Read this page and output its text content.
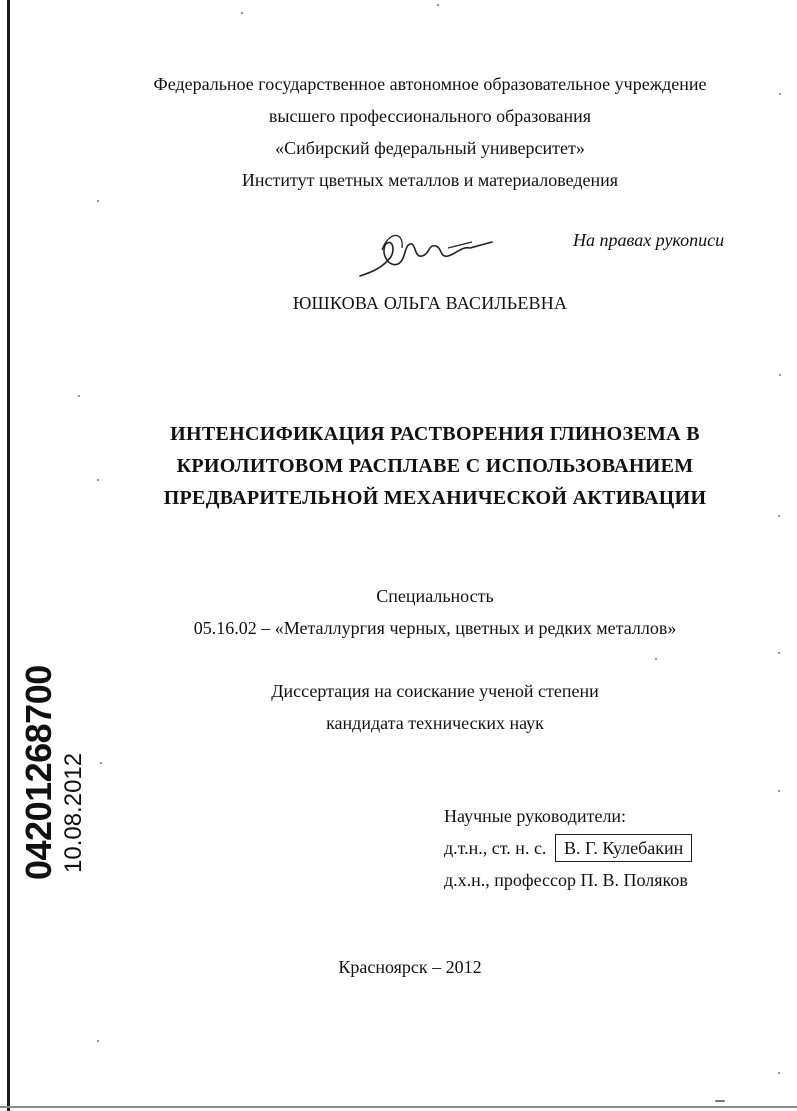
Федеральное государственное автономное образовательное учреждение
высшего профессионального образования
«Сибирский федеральный университет»
Институт цветных металлов и материаловедения
На правах рукописи
ЮШКОВА ОЛЬГА ВАСИЛЬЕВНА
ИНТЕНСИФИКАЦИЯ РАСТВОРЕНИЯ ГЛИНОЗЕМА В
КРИОЛИТОВОМ РАСПЛАВЕ С ИСПОЛЬЗОВАНИЕМ
ПРЕДВАРИТЕЛЬНОЙ МЕХАНИЧЕСКОЙ АКТИВАЦИИ
Специальность
05.16.02 – «Металлургия черных, цветных и редких металлов»
Диссертация на соискание ученой степени
кандидата технических наук
Научные руководители:
д.т.н., ст. н. с. В. Г. Кулебакин
д.х.н., профессор П. В. Поляков
Красноярск – 2012
04201268700 10.08.2012
